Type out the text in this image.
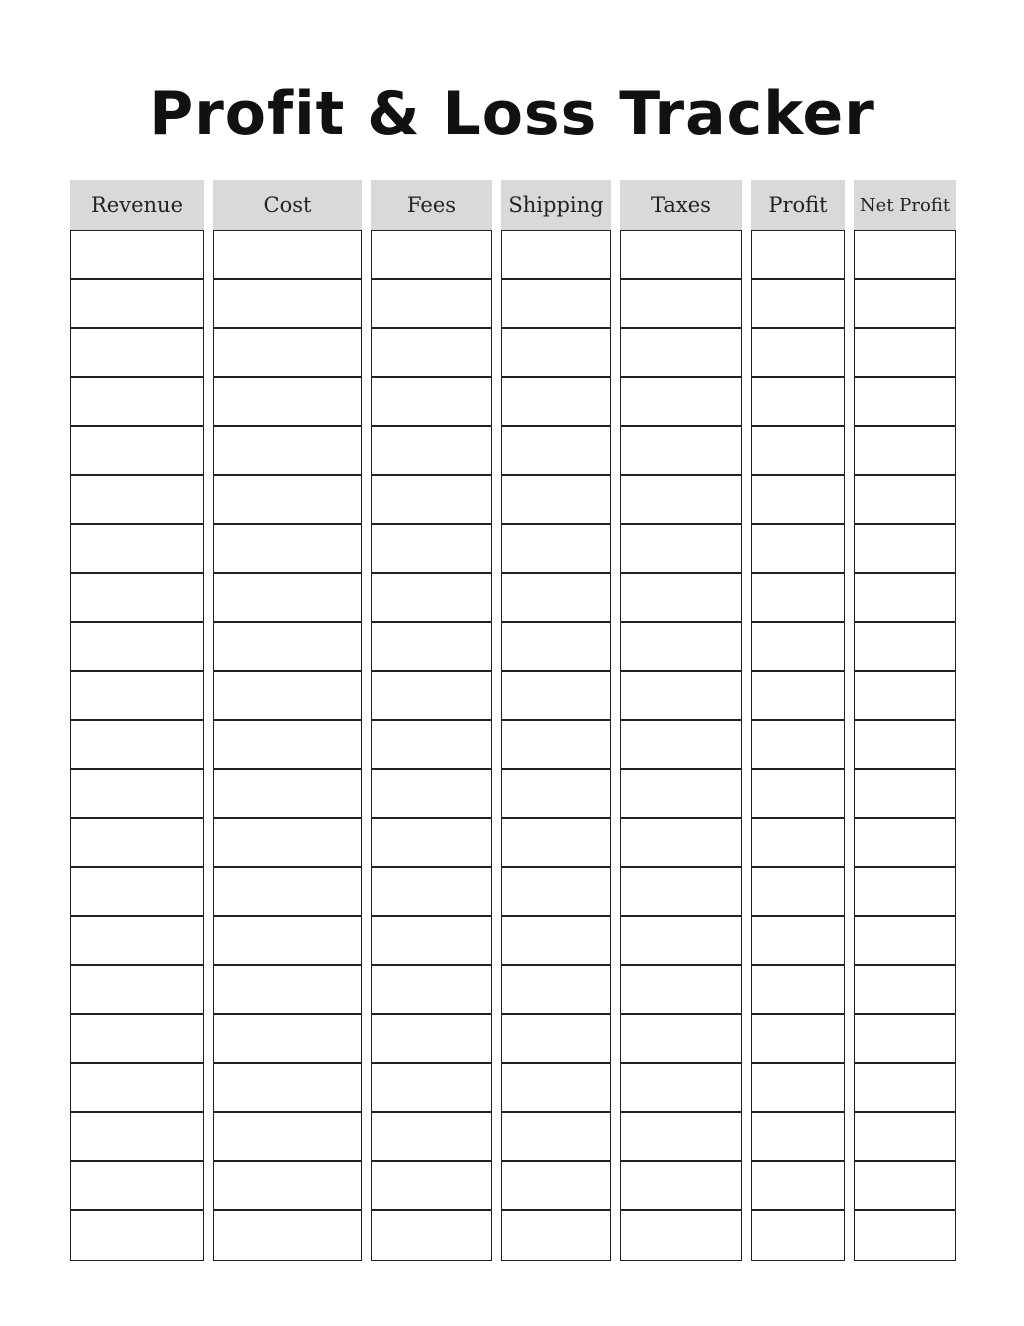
Profit & Loss Tracker
Revenue	Cost	Fees	Shipping	Taxes	Profit	Net Profit
